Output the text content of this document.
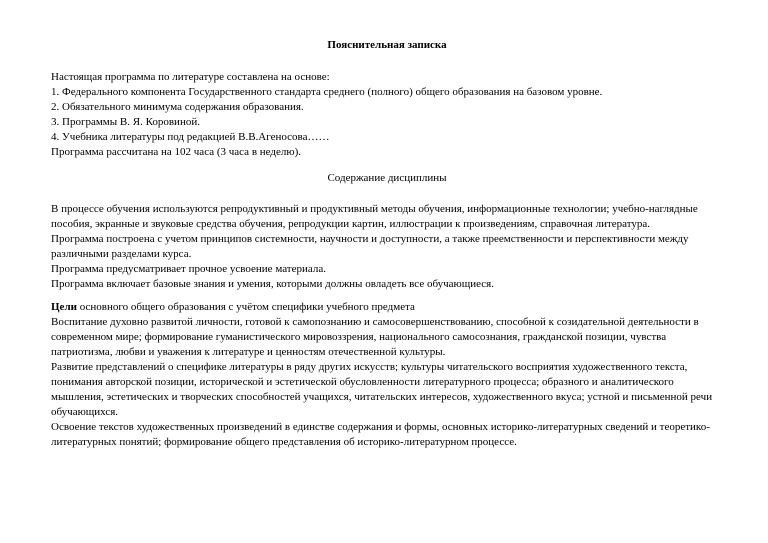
Пояснительная записка

Настоящая программа по литературе составлена на основе:

1. Федерального компонента Государственного стандарта среднего (полного) общего образования на базовом уровне.

2. Обязательного минимума содержания образования.

3. Программы В. Я. Коровиной.

4. Учебника литературы под редакцией В.В.Агеносова……

Программа рассчитана на 102 часа (3 часа в неделю).

Содержание дисциплины

В процессе обучения используются репродуктивный и продуктивный методы обучения, информационные технологии; учебно-наглядные пособия, экранные и звуковые средства обучения, репродукции картин, иллюстрации к произведениям, справочная литература.

Программа построена с учетом принципов системности, научности и доступности, а также преемственности и перспективности между различными разделами курса.

Программа предусматривает прочное усвоение материала.

Программа включает базовые знания и умения, которыми должны овладеть все обучающиеся.

Цели основного общего образования с учётом специфики учебного предмета

Воспитание духовно развитой личности, готовой к самопознанию и самосовершенствованию, способной к созидательной деятельности в современном мире; формирование гуманистического мировоззрения, национального самосознания, гражданской позиции, чувства патриотизма, любви и уважения к литературе и ценностям отечественной культуры.

Развитие представлений о специфике литературы в ряду других искусств; культуры читательского восприятия художественного текста, понимания авторской позиции, исторической и эстетической обусловленности литературного процесса; образного и аналитического мышления, эстетических и творческих способностей учащихся, читательских интересов, художественного вкуса; устной и письменной речи обучающихся.

Освоение текстов художественных произведений в единстве содержания и формы, основных историко-литературных сведений и теоретико-литературных понятий; формирование общего представления об историко-литературном процессе.
